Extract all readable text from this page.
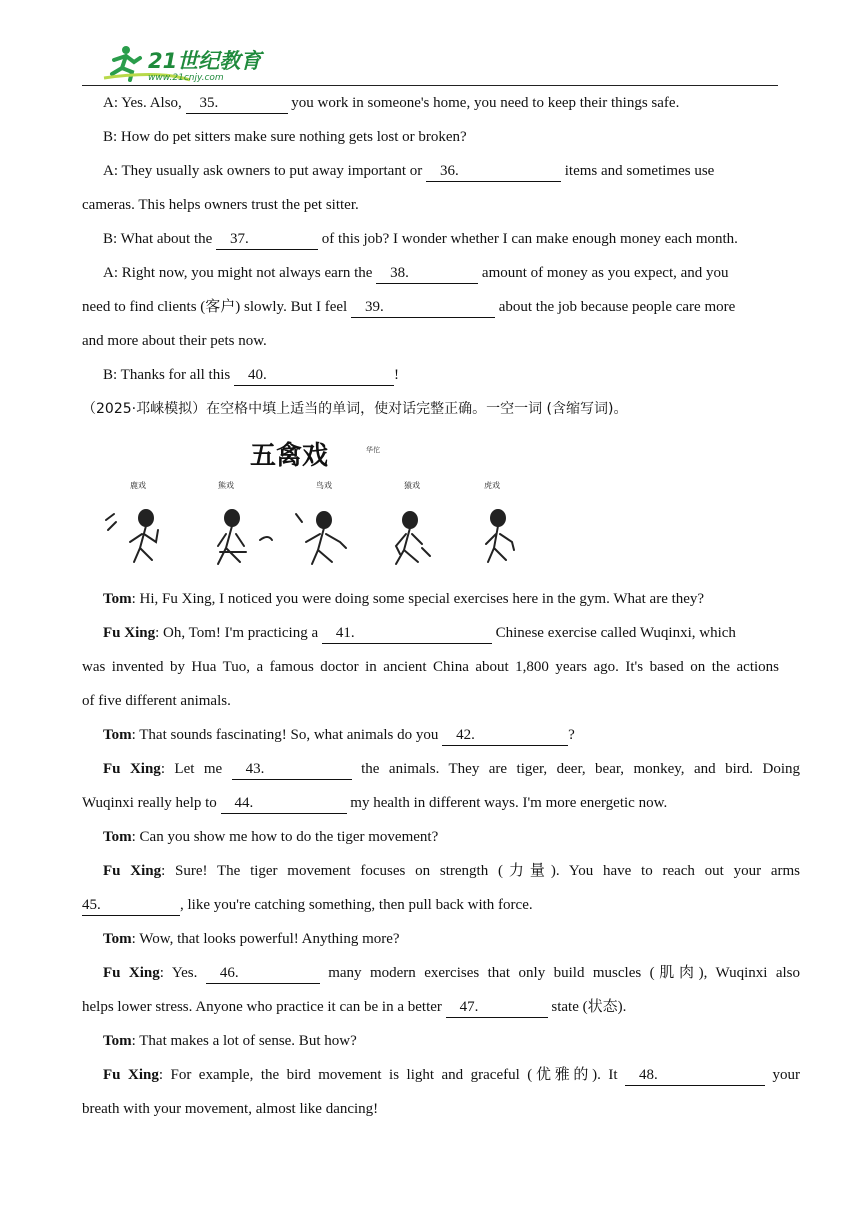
21世纪教育
www.21cnjy.com

A: Yes. Also, 35.	you work in someone's home, you need to keep their things safe.

B: How do pet sitters make sure nothing gets lost or broken?

A: They usually ask owners to put away important or 36.	items and sometimes use

cameras. This helps owners trust the pet sitter.

B: What about the 37.	of this job? I wonder whether I can make enough money each month.

A: Right now, you might not always earn the 38.	amount of money as you expect, and you

need to find clients (客户) slowly. But I feel 39.	about the job because people care more

and more about their pets now.

B: Thanks for all this 40.	!

（2025·邛崃模拟）在空格中填上适当的单词，使对话完整正确。一空一词 (含缩写词)。

五禽戏	华佗
鹿戏	熊戏	鸟戏	猿戏	虎戏

Tom: Hi, Fu Xing, I noticed you were doing some special exercises here in the gym. What are they?

Fu Xing: Oh, Tom! I'm practicing a 41.	Chinese exercise called Wuqinxi, which

was invented by Hua Tuo, a famous doctor in ancient China about 1,800 years ago. It's based on the actions

of five different animals.

Tom: That sounds fascinating! So, what animals do you 42.	?

Fu Xing: Let me 43.	the animals. They are tiger, deer, bear, monkey, and bird. Doing

Wuqinxi really help to 44.	my health in different ways. I'm more energetic now.

Tom: Can you show me how to do the tiger movement?

Fu Xing: Sure! The tiger movement focuses on strength (力量). You have to reach out your arms

45.	, like you're catching something, then pull back with force.

Tom: Wow, that looks powerful! Anything more?

Fu Xing: Yes. 46.	many modern exercises that only build muscles (肌肉), Wuqinxi also

helps lower stress. Anyone who practice it can be in a better 47.	state (状态).

Tom: That makes a lot of sense. But how?

Fu Xing: For example, the bird movement is light and graceful (优雅的). It 48.	your

breath with your movement, almost like dancing!
